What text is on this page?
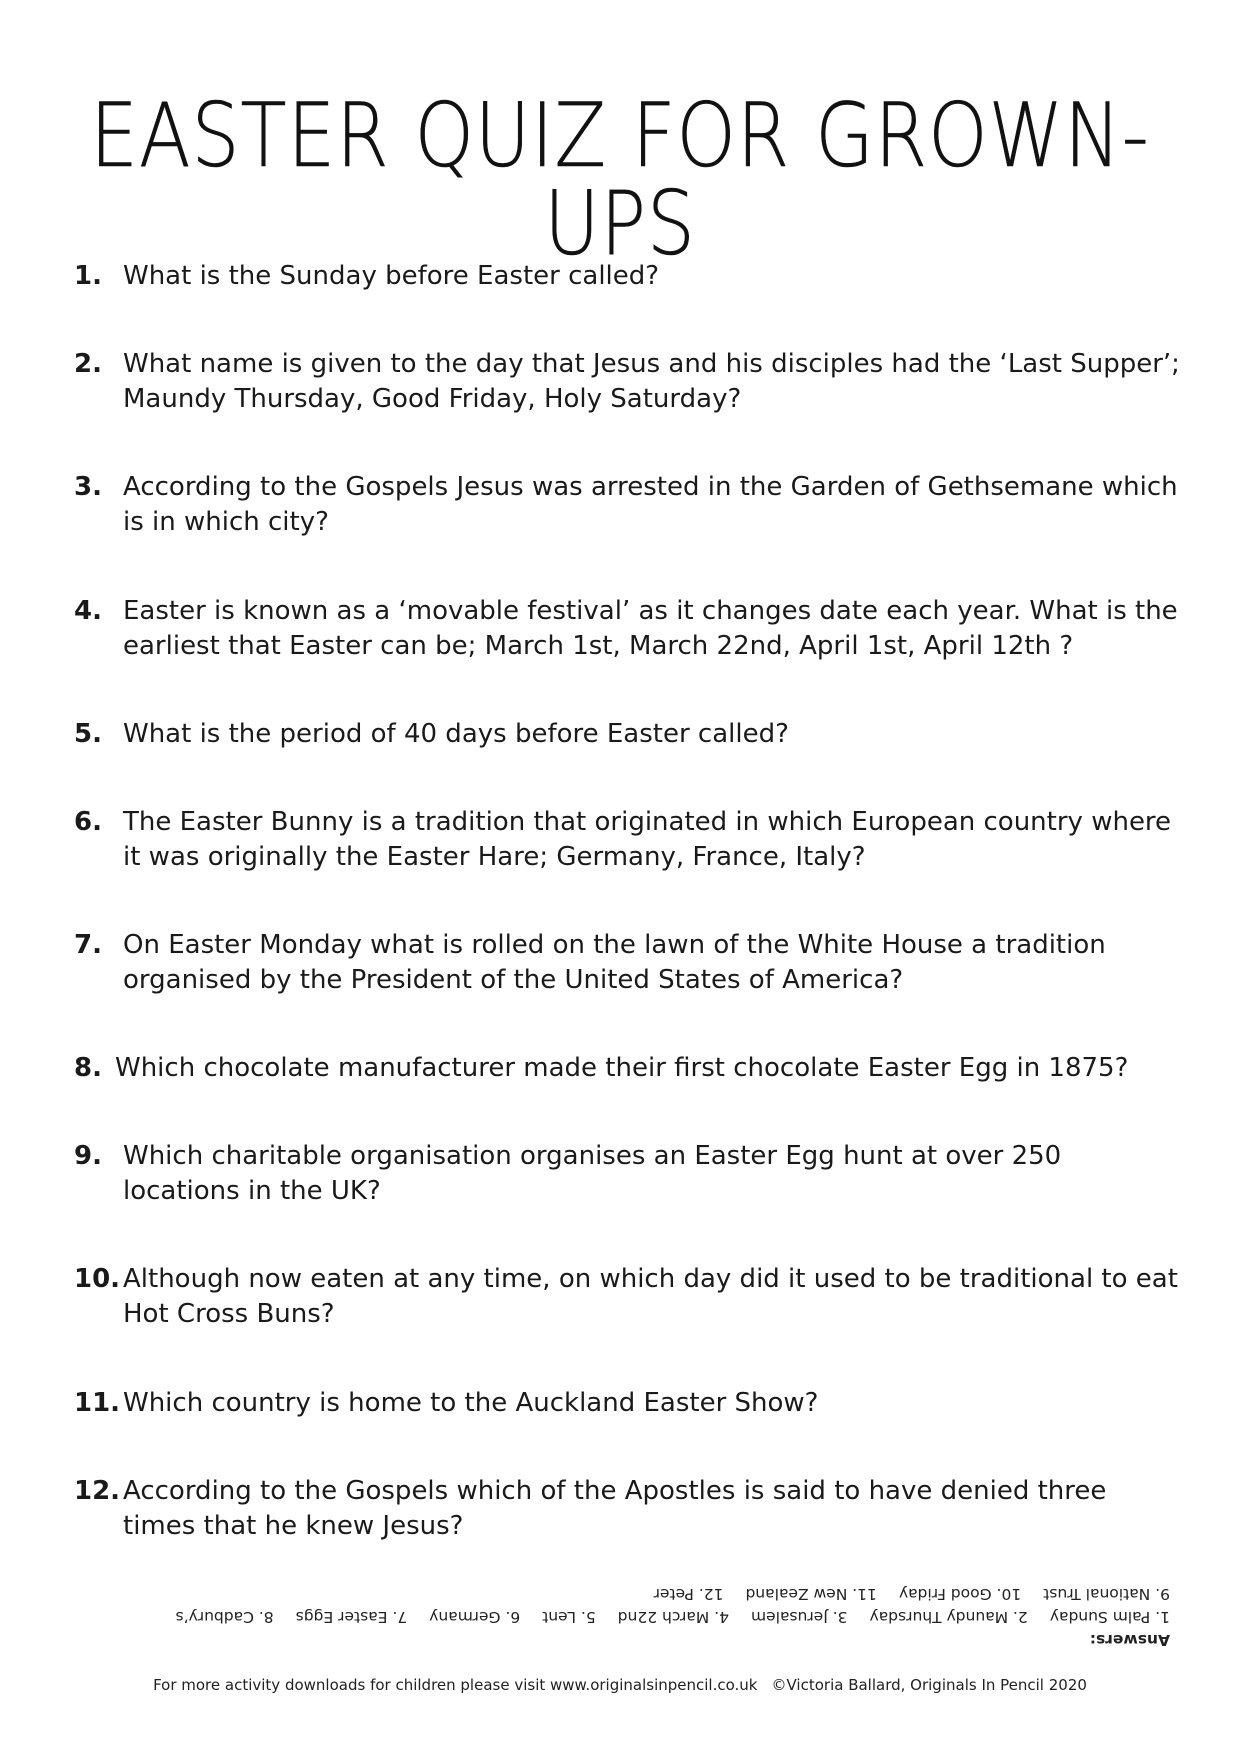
EASTER QUIZ FOR GROWN-UPS
1. What is the Sunday before Easter called?
2. What name is given to the day that Jesus and his disciples had the ‘Last Supper’; Maundy Thursday, Good Friday, Holy Saturday?
3. According to the Gospels Jesus was arrested in the Garden of Gethsemane which is in which city?
4. Easter is known as a ‘movable festival’ as it changes date each year. What is the earliest that Easter can be; March 1st, March 22nd, April 1st, April 12th ?
5. What is the period of 40 days before Easter called?
6. The Easter Bunny is a tradition that originated in which European country where it was originally the Easter Hare; Germany, France, Italy?
7. On Easter Monday what is rolled on the lawn of the White House a tradition organised by the President of the United States of America?
8. Which chocolate manufacturer made their first chocolate Easter Egg in 1875?
9. Which charitable organisation organises an Easter Egg hunt at over 250 locations in the UK?
10. Although now eaten at any time, on which day did it used to be traditional to eat Hot Cross Buns?
11. Which country is home to the Auckland Easter Show?
12. According to the Gospels which of the Apostles is said to have denied three times that he knew Jesus?
Answers:
1. Palm Sunday2. Maundy Thursday3. Jerusalem4. March 22nd5. Lent6. Germany7. Easter Eggs8. Cadbury’s
9. National Trust10. Good Friday11. New Zealand12. Peter
For more activity downloads for children please visit www.originalsinpencil.co.uk ©Victoria Ballard, Originals In Pencil 2020
